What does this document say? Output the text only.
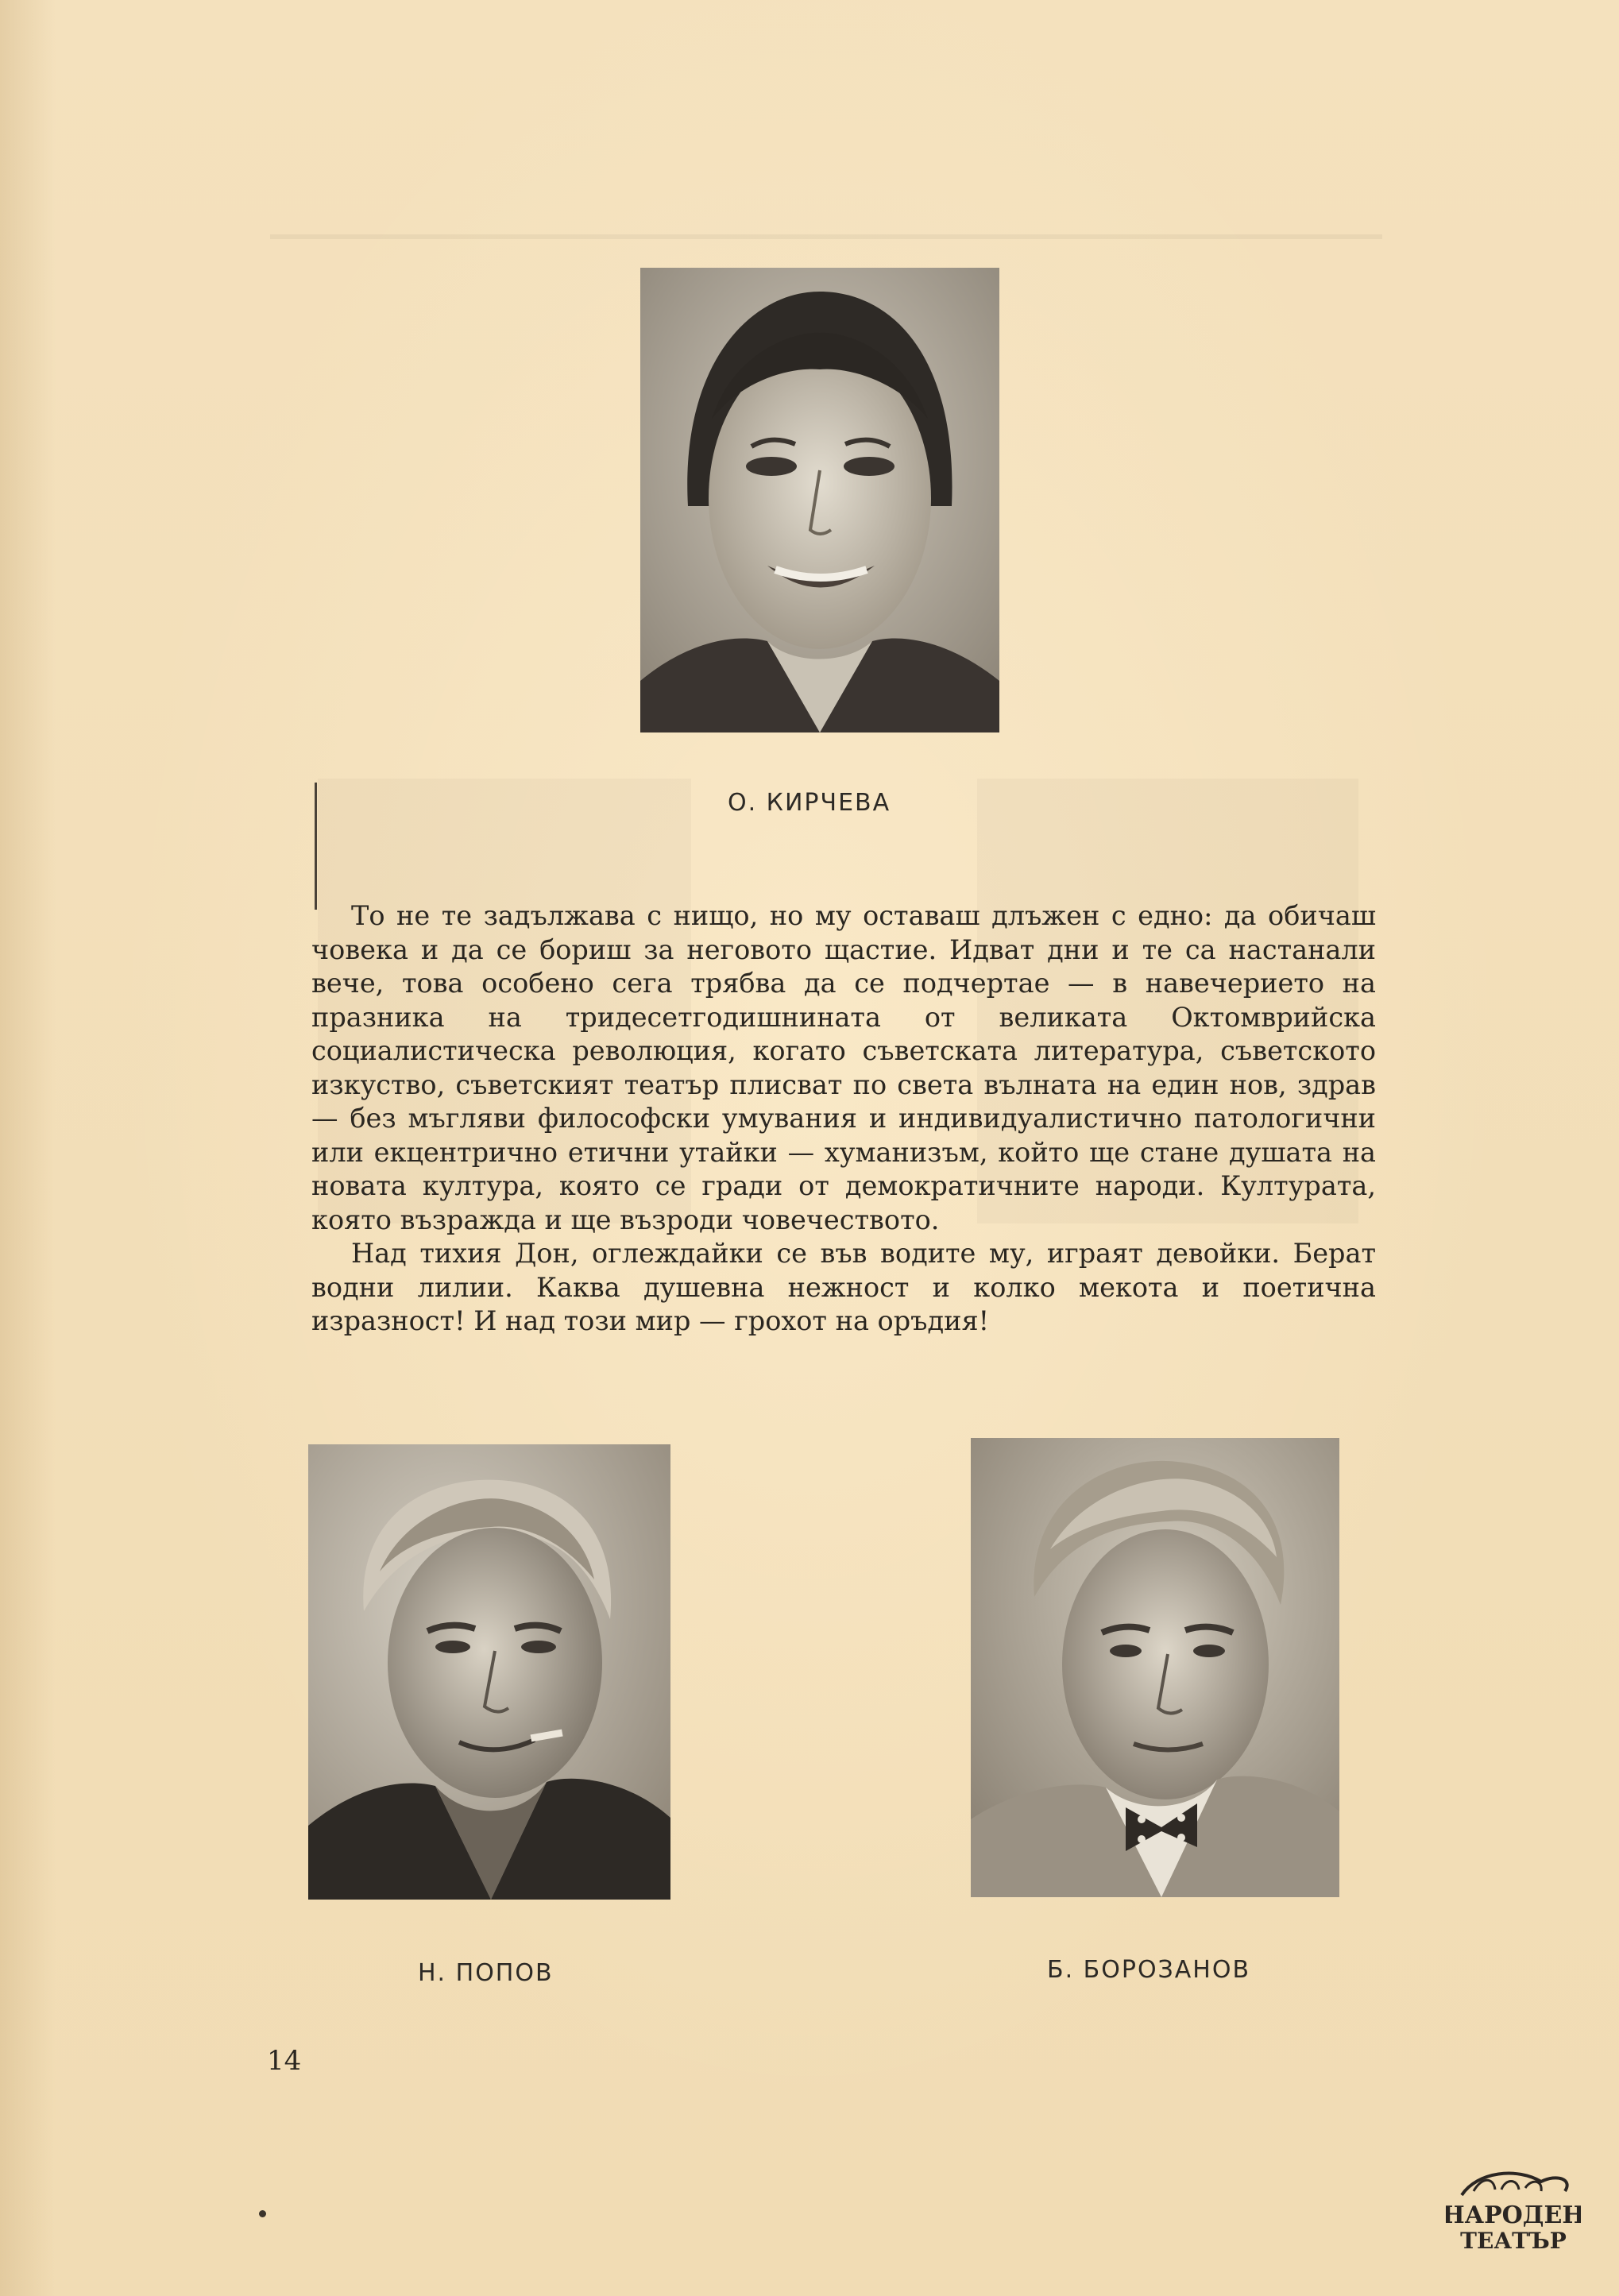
О. КИРЧЕВА

То не те задължава с нищо, но му оставаш длъжен с едно: да обичаш човека и да се бориш за неговото щастие. Идват дни и те са настанали вече, това особено сега трябва да се подчертае — в навечерието на празника на тридесетгодишнината от великата Октомврийска социалистическа революция, когато съветската литература, съветското изкуство, съветският театър плисват по света вълната на един нов, здрав — без мъгляви философски умувания и индивидуалистично патологични или екцентрично етични утайки — хуманизъм, който ще стане душата на новата култура, която се гради от демократичните народи. Културата, която възражда и ще възроди човечеството.

Над тихия Дон, оглеждайки се във водите му, играят девойки. Берат водни лилии. Каква душевна нежност и колко мекота и поетична изразност! И над този мир — грохот на оръдия!

Н. ПОПОВ	Б. БОРОЗАНОВ
14
НАРОДЕН
ТЕАТЪР
